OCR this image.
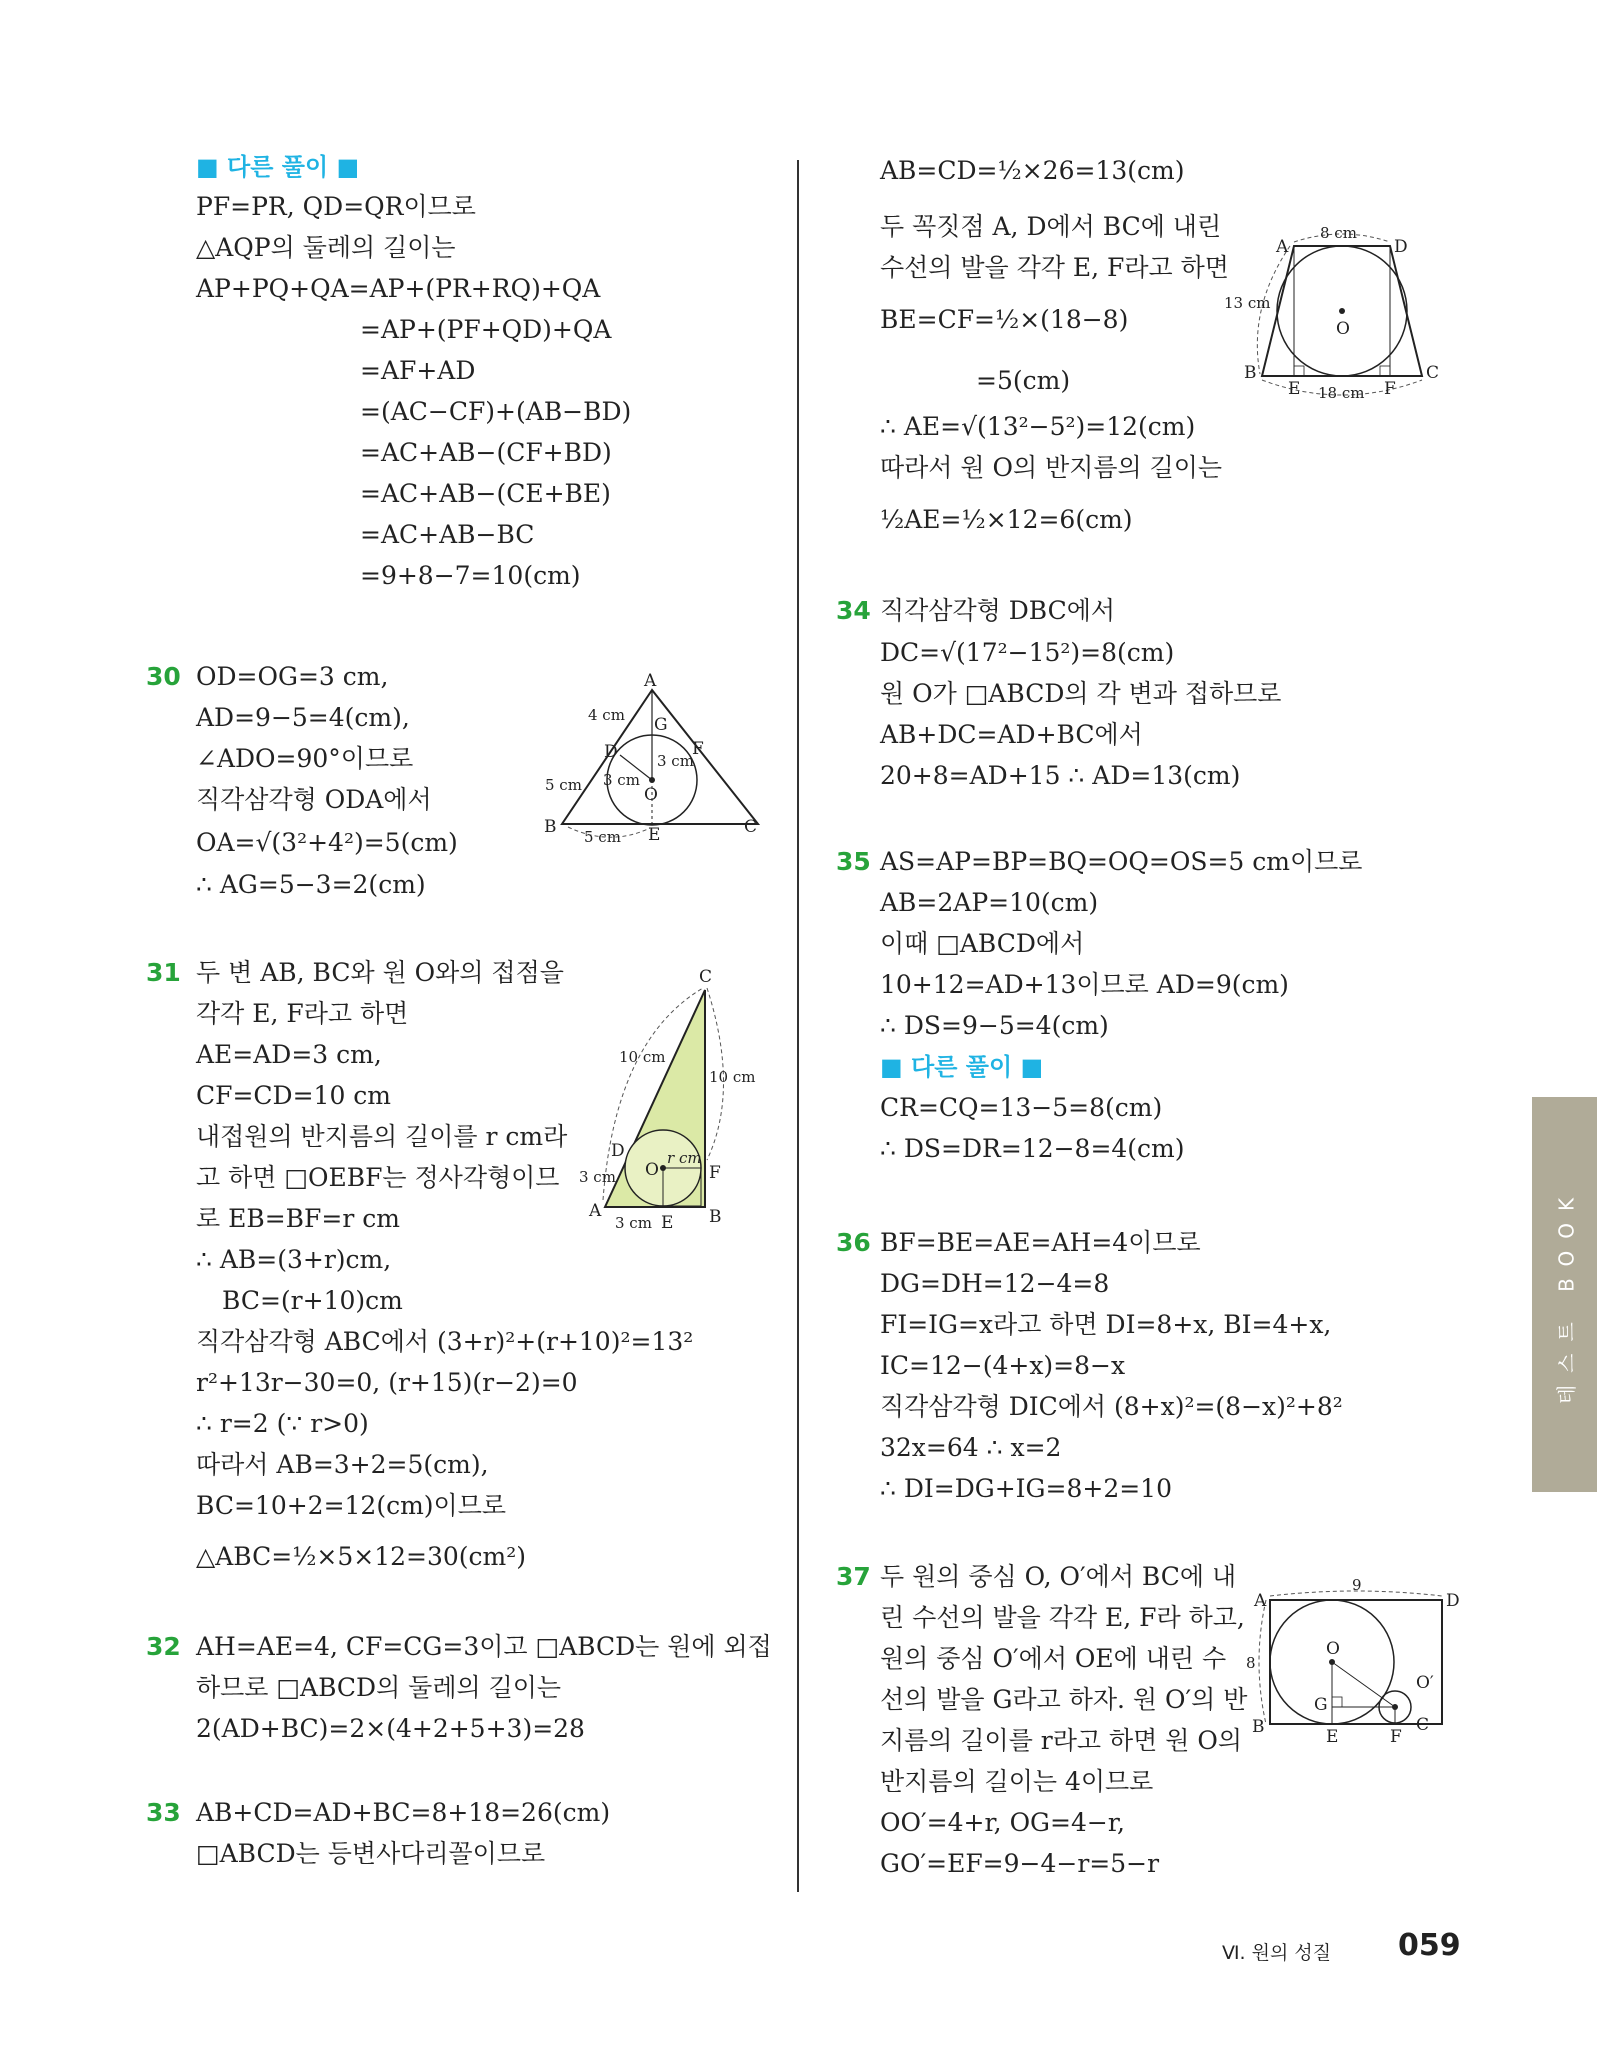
■ 다른 풀이 ■
PF=PR, QD=QR이므로
△AQP의 둘레의 길이는
AP+PQ+QA=AP+(PR+RQ)+QA
=AP+(PF+QD)+QA
=AF+AD
=(AC−CF)+(AB−BD)
=AC+AB−(CF+BD)
=AC+AB−(CE+BE)
=AC+AB−BC
=9+8−7=10(cm)
30 OD=OG=3 cm,
AD=9−5=4(cm),
∠ADO=90°이므로
직각삼각형 ODA에서
OA=√(3²+4²)=5(cm)
∴ AG=5−3=2(cm)
31 두 변 AB, BC와 원 O와의 접점을
각각 E, F라고 하면
AE=AD=3 cm,
CF=CD=10 cm
내접원의 반지름의 길이를 r cm라
고 하면 □OEBF는 정사각형이므
로 EB=BF=r cm
∴ AB=(3+r)cm,
BC=(r+10)cm
직각삼각형 ABC에서 (3+r)²+(r+10)²=13²
r²+13r−30=0, (r+15)(r−2)=0
∴ r=2 (∵ r>0)
따라서 AB=3+2=5(cm),
BC=10+2=12(cm)이므로
△ABC=½×5×12=30(cm²)
32 AH=AE=4, CF=CG=3이고 □ABCD는 원에 외접
하므로 □ABCD의 둘레의 길이는
2(AD+BC)=2×(4+2+5+3)=28
33 AB+CD=AD+BC=8+18=26(cm)
□ABCD는 등변사다리꼴이므로
A
B	C
D
E
F
G
O
4 cm
5 cm
5 cm
3 cm
3 cm
C
A	B
D
E
F
O
10 cm
10 cm
3 cm
3 cm
r cm
AB=CD=½×26=13(cm)
두 꼭짓점 A, D에서 BC에 내린
수선의 발을 각각 E, F라고 하면
BE=CF=½×(18−8)
=5(cm)
∴ AE=√(13²−5²)=12(cm)
따라서 원 O의 반지름의 길이는
½AE=½×12=6(cm)
34 직각삼각형 DBC에서
DC=√(17²−15²)=8(cm)
원 O가 □ABCD의 각 변과 접하므로
AB+DC=AD+BC에서
20+8=AD+15 ∴ AD=13(cm)
35 AS=AP=BP=BQ=OQ=OS=5 cm이므로
AB=2AP=10(cm)
이때 □ABCD에서
10+12=AD+13이므로 AD=9(cm)
∴ DS=9−5=4(cm)
■ 다른 풀이 ■
CR=CQ=13−5=8(cm)
∴ DS=DR=12−8=4(cm)
36 BF=BE=AE=AH=4이므로
DG=DH=12−4=8
FI=IG=x라고 하면 DI=8+x, BI=4+x,
IC=12−(4+x)=8−x
직각삼각형 DIC에서 (8+x)²=(8−x)²+8²
32x=64 ∴ x=2
∴ DI=DG+IG=8+2=10
37 두 원의 중심 O, O′에서 BC에 내
린 수선의 발을 각각 E, F라 하고,
원의 중심 O′에서 OE에 내린 수
선의 발을 G라고 하자. 원 O′의 반
지름의 길이를 r라고 하면 원 O의
반지름의 길이는 4이므로
OO′=4+r, OG=4−r,
GO′=EF=9−4−r=5−r
A	D
B	C
E	F
O
8 cm
13 cm
18 cm
A	D
B	C
E	F
G
O
O′
9
8
테스트 BOOK
Ⅵ. 원의 성질 059
